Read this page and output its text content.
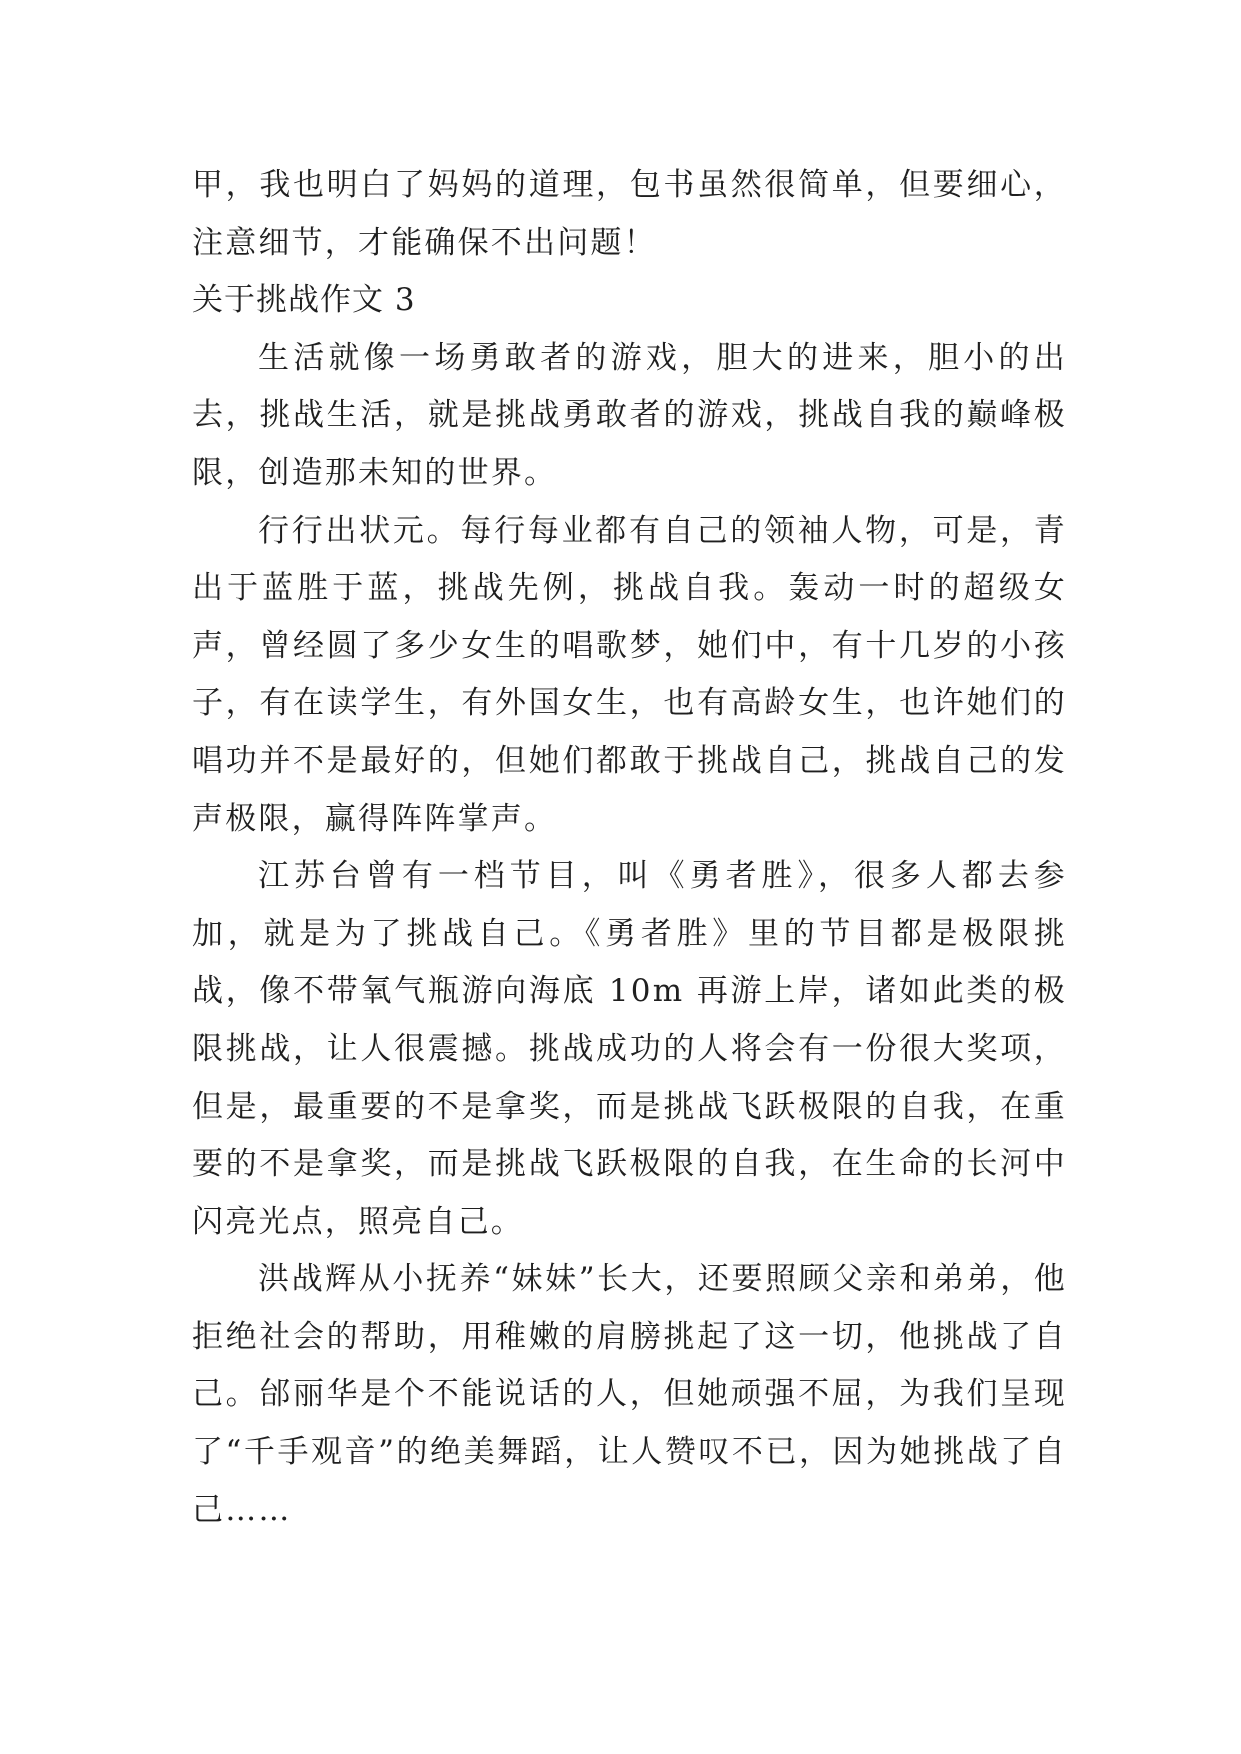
甲，我也明白了妈妈的道理，包书虽然很简单，但要细心，注意细节，才能确保不出问题！

关于挑战作文 3

生活就像一场勇敢者的游戏，胆大的进来，胆小的出去，挑战生活，就是挑战勇敢者的游戏，挑战自我的巅峰极限，创造那未知的世界。

行行出状元。每行每业都有自己的领袖人物，可是，青出于蓝胜于蓝，挑战先例，挑战自我。轰动一时的超级女声，曾经圆了多少女生的唱歌梦，她们中，有十几岁的小孩子，有在读学生，有外国女生，也有高龄女生，也许她们的唱功并不是最好的，但她们都敢于挑战自己，挑战自己的发声极限，赢得阵阵掌声。

江苏台曾有一档节目，叫《勇者胜》，很多人都去参加，就是为了挑战自己。《勇者胜》里的节目都是极限挑战，像不带氧气瓶游向海底 10m 再游上岸，诸如此类的极限挑战，让人很震撼。挑战成功的人将会有一份很大奖项，但是，最重要的不是拿奖，而是挑战飞跃极限的自我，在重要的不是拿奖，而是挑战飞跃极限的自我，在生命的长河中闪亮光点，照亮自己。

洪战辉从小抚养“妹妹”长大，还要照顾父亲和弟弟，他拒绝社会的帮助，用稚嫩的肩膀挑起了这一切，他挑战了自己。邰丽华是个不能说话的人，但她顽强不屈，为我们呈现了“千手观音”的绝美舞蹈，让人赞叹不已，因为她挑战了自己……
